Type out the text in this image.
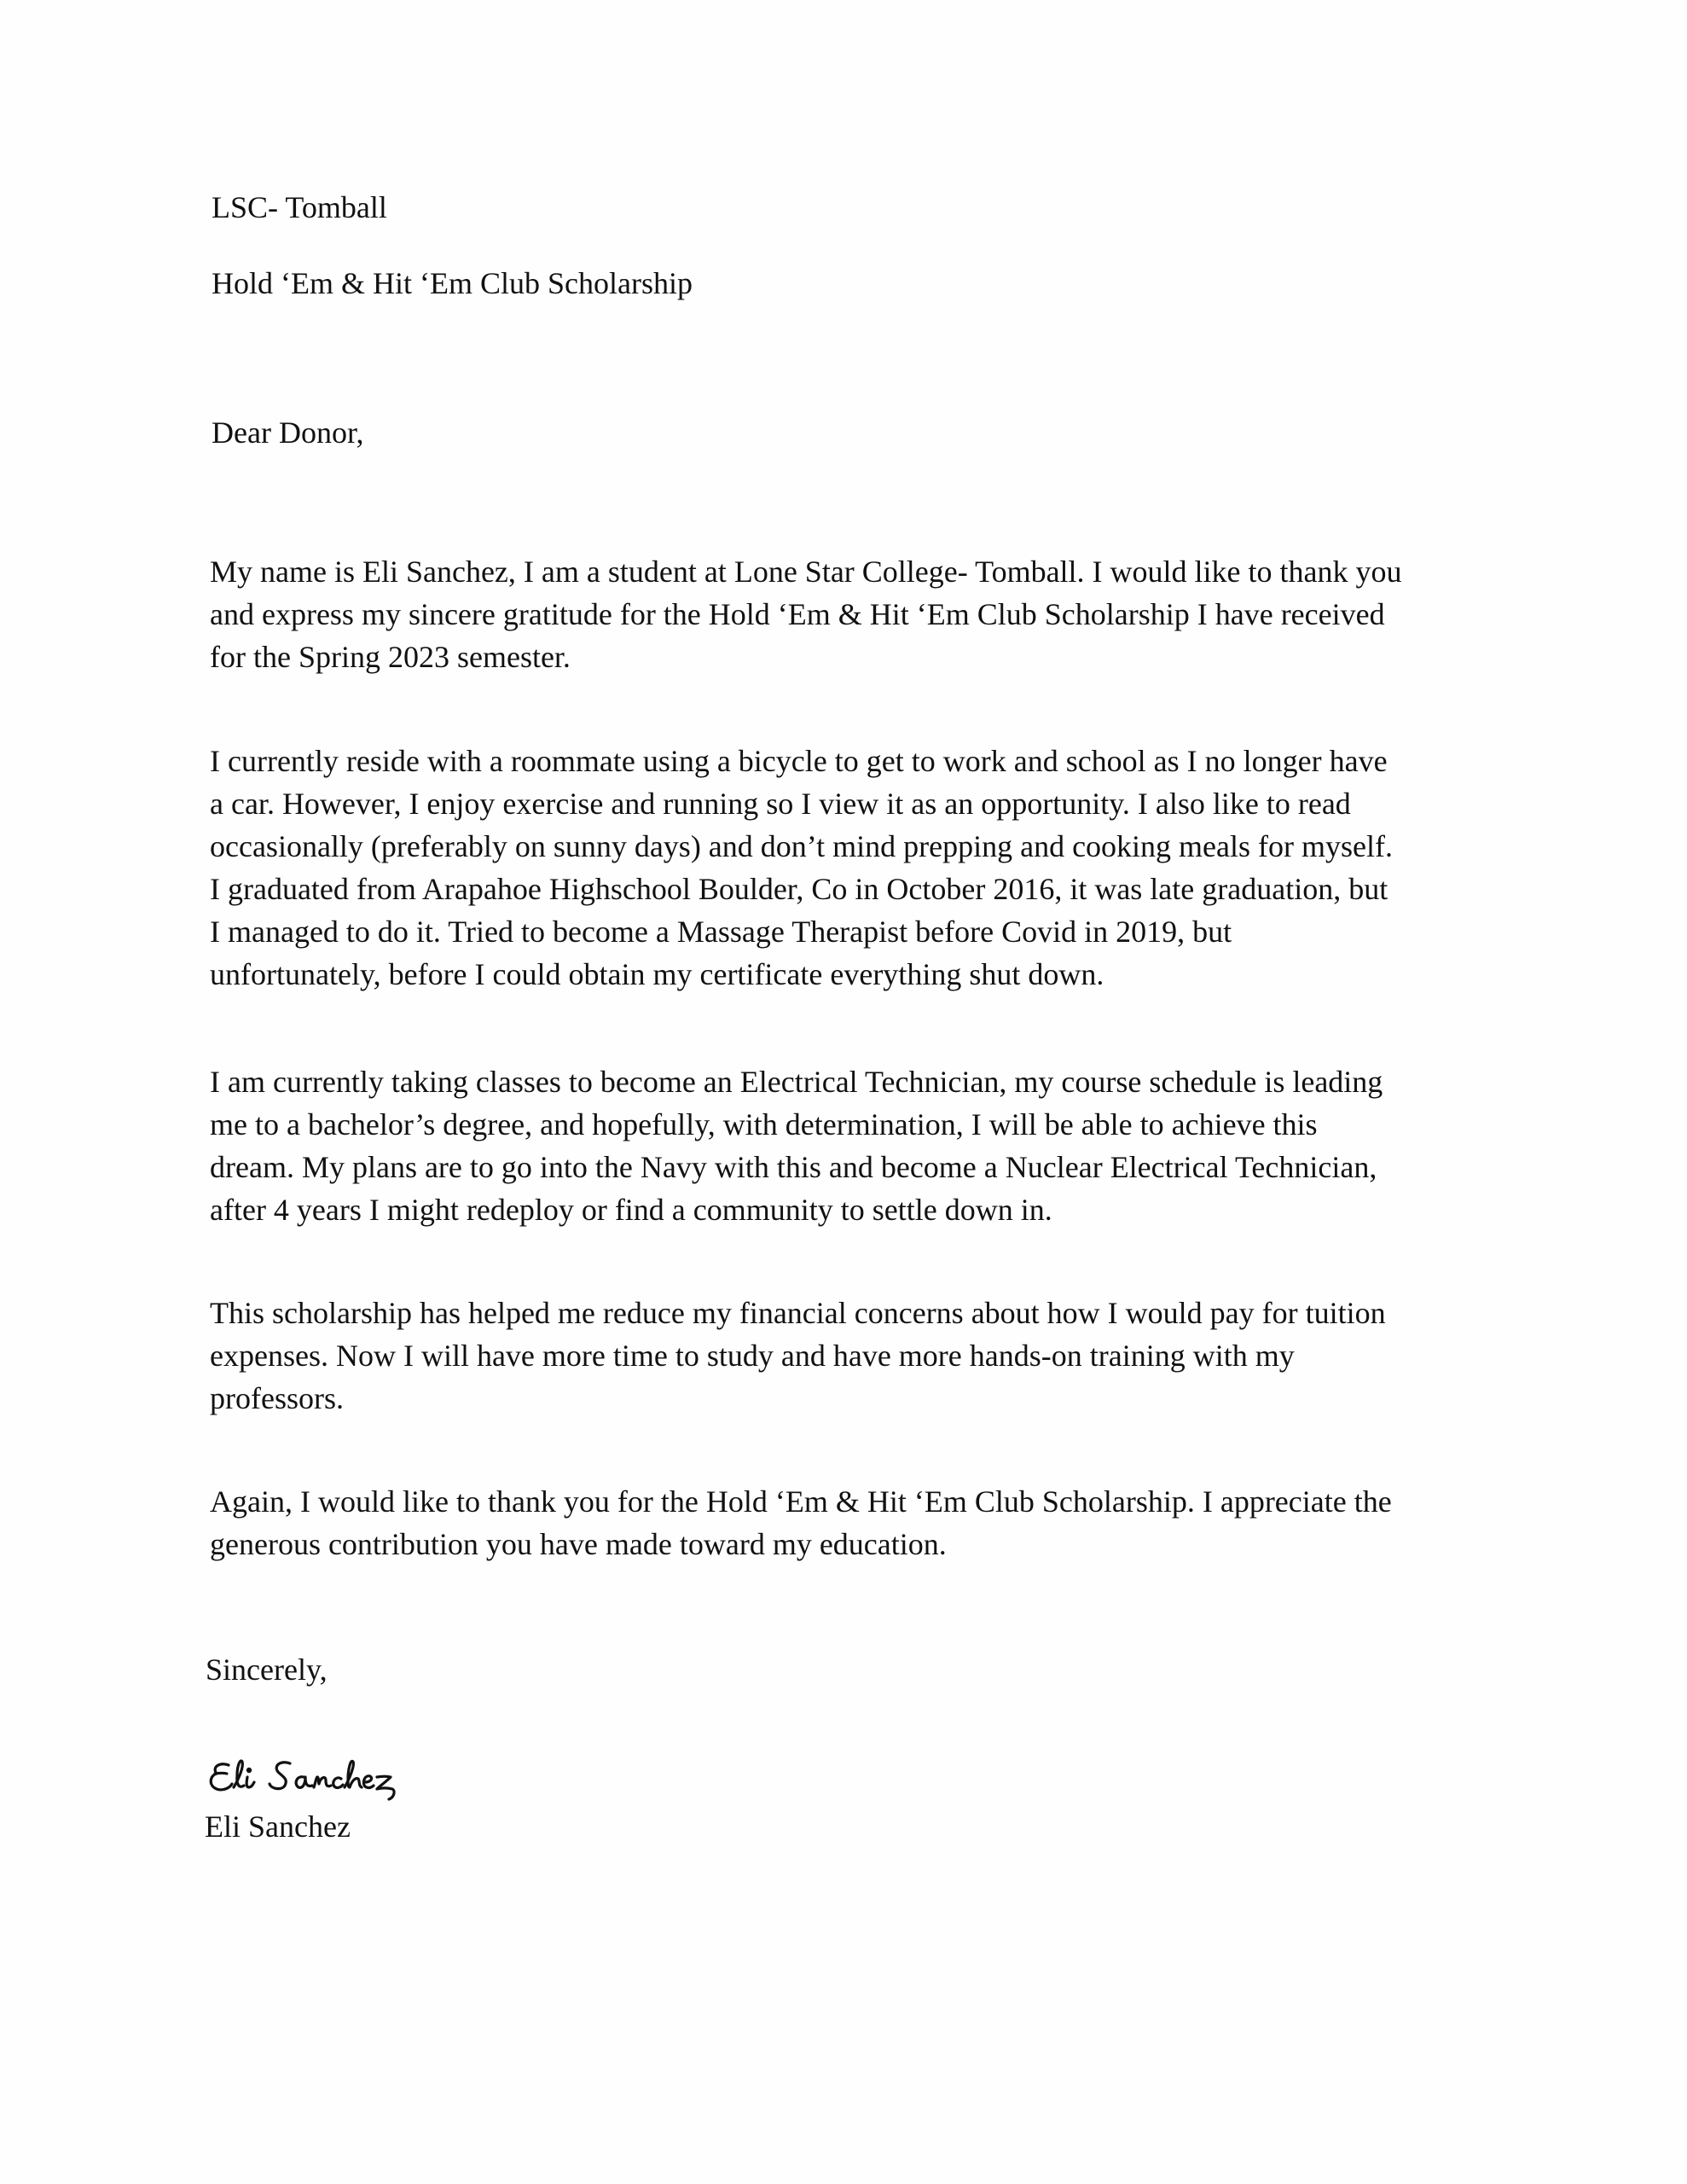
LSC- Tomball

Hold ‘Em & Hit ‘Em Club Scholarship

Dear Donor,

My name is Eli Sanchez, I am a student at Lone Star College- Tomball. I would like to thank you
and express my sincere gratitude for the Hold ‘Em & Hit ‘Em Club Scholarship I have received
for the Spring 2023 semester.
I currently reside with a roommate using a bicycle to get to work and school as I no longer have
a car. However, I enjoy exercise and running so I view it as an opportunity. I also like to read
occasionally (preferably on sunny days) and don’t mind prepping and cooking meals for myself.
I graduated from Arapahoe Highschool Boulder, Co in October 2016, it was late graduation, but
I managed to do it. Tried to become a Massage Therapist before Covid in 2019, but
unfortunately, before I could obtain my certificate everything shut down.
I am currently taking classes to become an Electrical Technician, my course schedule is leading
me to a bachelor’s degree, and hopefully, with determination, I will be able to achieve this
dream. My plans are to go into the Navy with this and become a Nuclear Electrical Technician,
after 4 years I might redeploy or find a community to settle down in.
This scholarship has helped me reduce my financial concerns about how I would pay for tuition
expenses. Now I will have more time to study and have more hands-on training with my
professors.
Again, I would like to thank you for the Hold ‘Em & Hit ‘Em Club Scholarship. I appreciate the
generous contribution you have made toward my education.

Sincerely,

Eli Sanchez
